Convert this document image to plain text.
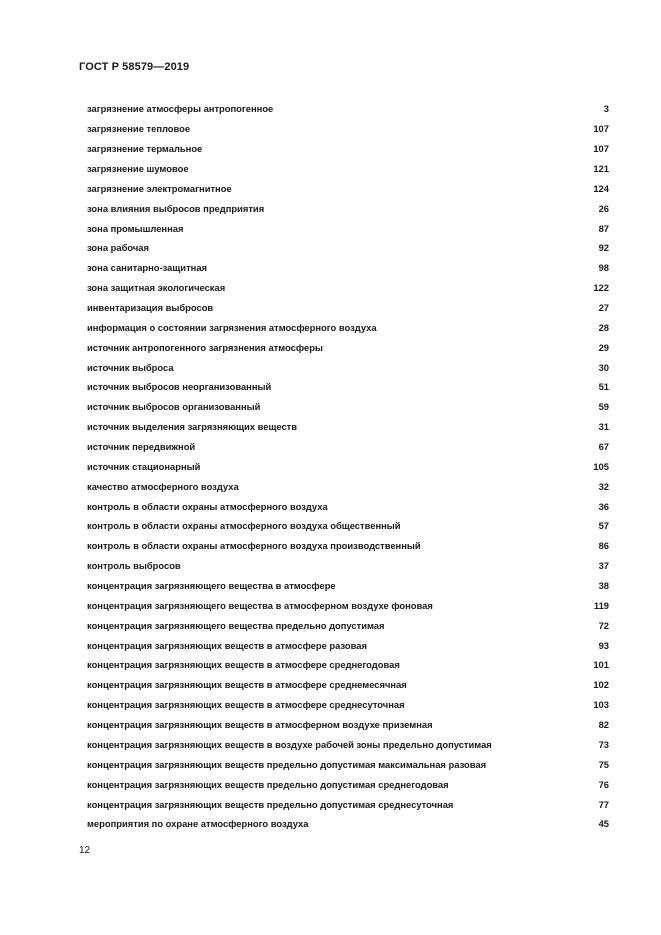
ГОСТ Р 58579—2019
загрязнение атмосферы антропогенное	3
загрязнение тепловое	107
загрязнение термальное	107
загрязнение шумовое	121
загрязнение электромагнитное	124
зона влияния выбросов предприятия	26
зона промышленная	87
зона рабочая	92
зона санитарно-защитная	98
зона защитная экологическая	122
инвентаризация выбросов	27
информация о состоянии загрязнения атмосферного воздуха	28
источник антропогенного загрязнения атмосферы	29
источник выброса	30
источник выбросов неорганизованный	51
источник выбросов организованный	59
источник выделения загрязняющих веществ	31
источник передвижной	67
источник стационарный	105
качество атмосферного воздуха	32
контроль в области охраны атмосферного воздуха	36
контроль в области охраны атмосферного воздуха общественный	57
контроль в области охраны атмосферного воздуха производственный	86
контроль выбросов	37
концентрация загрязняющего вещества в атмосфере	38
концентрация загрязняющего вещества в атмосферном воздухе фоновая	119
концентрация загрязняющего вещества предельно допустимая	72
концентрация загрязняющих веществ в атмосфере разовая	93
концентрация загрязняющих веществ в атмосфере среднегодовая	101
концентрация загрязняющих веществ в атмосфере среднемесячная	102
концентрация загрязняющих веществ в атмосфере среднесуточная	103
концентрация загрязняющих веществ в атмосферном воздухе приземная	82
концентрация загрязняющих веществ в воздухе рабочей зоны предельно допустимая	73
концентрация загрязняющих веществ предельно допустимая максимальная разовая	75
концентрация загрязняющих веществ предельно допустимая среднегодовая	76
концентрация загрязняющих веществ предельно допустимая среднесуточная	77
мероприятия по охране атмосферного воздуха	45
12
